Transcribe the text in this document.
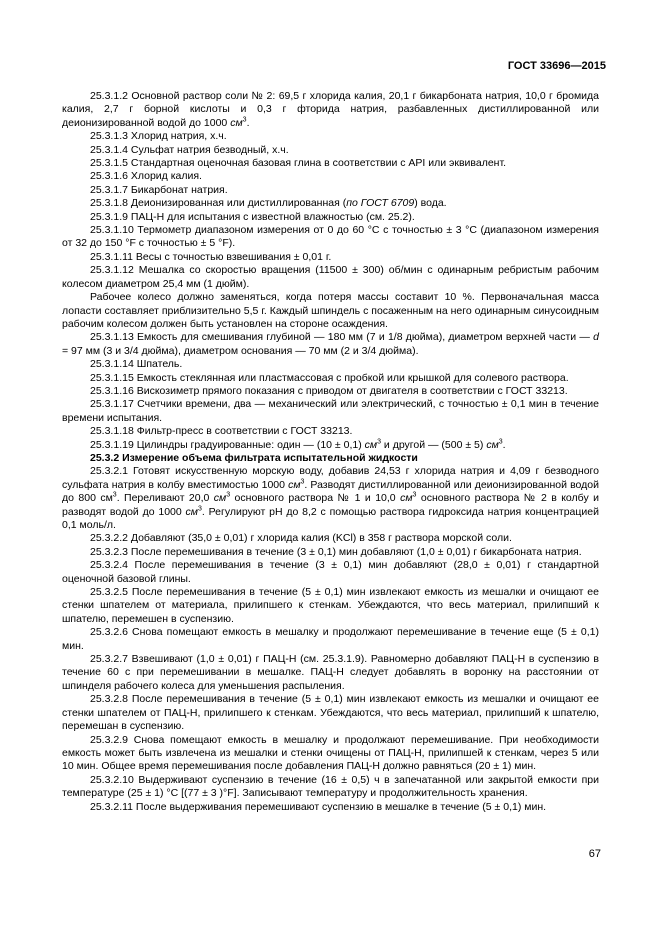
ГОСТ 33696—2015

25.3.1.2 Основной раствор соли № 2: 69,5 г хлорида калия, 20,1 г бикарбоната натрия, 10,0 г бромида калия, 2,7 г борной кислоты и 0,3 г фторида натрия, разбавленных дистиллированной или деионизированной водой до 1000 $см^3$.

25.3.1.3 Хлорид натрия, х.ч.

25.3.1.4 Сульфат натрия безводный, х.ч.

25.3.1.5 Стандартная оценочная базовая глина в соответствии с API или эквивалент.

25.3.1.6 Хлорид калия.

25.3.1.7 Бикарбонат натрия.

25.3.1.8 Деионизированная или дистиллированная (по ГОСТ 6709) вода.

25.3.1.9 ПАЦ-Н для испытания с известной влажностью (см. 25.2).

25.3.1.10 Термометр диапазоном измерения от 0 до 60 °С с точностью ± 3 °С (диапазоном измерения от 32 до 150 °F с точностью ± 5 °F).

25.3.1.11 Весы с точностью взвешивания ± 0,01 г.

25.3.1.12 Мешалка со скоростью вращения (11500 ± 300) об/мин с одинарным ребристым рабочим колесом диаметром 25,4 мм (1 дюйм).

Рабочее колесо должно заменяться, когда потеря массы составит 10 %. Первоначальная масса лопасти составляет приблизительно 5,5 г. Каждый шпиндель с посаженным на него одинарным синусоидным рабочим колесом должен быть установлен на стороне осаждения.

25.3.1.13 Емкость для смешивания глубиной — 180 мм (7 и 1/8 дюйма), диаметром верхней части — d = 97 мм (3 и 3/4 дюйма), диаметром основания — 70 мм (2 и 3/4 дюйма).

25.3.1.14 Шпатель.

25.3.1.15 Емкость стеклянная или пластмассовая с пробкой или крышкой для солевого раствора.

25.3.1.16 Вискозиметр прямого показания с приводом от двигателя в соответствии с ГОСТ 33213.

25.3.1.17 Счетчики времени, два — механический или электрический, с точностью ± 0,1 мин в течение времени испытания.

25.3.1.18 Фильтр-пресс в соответствии с ГОСТ 33213.

25.3.1.19 Цилиндры градуированные: один — (10 ± 0,1) $см^3$ и другой — (500 ± 5) $см^3$.

25.3.2 Измерение объема фильтрата испытательной жидкости

25.3.2.1 Готовят искусственную морскую воду, добавив 24,53 г хлорида натрия и 4,09 г безводного сульфата натрия в колбу вместимостью 1000 $см^3$. Разводят дистиллированной или деионизированной водой до 800 $см^3$. Переливают 20,0 $см^3$ основного раствора № 1 и 10,0 $см^3$ основного раствора № 2 в колбу и разводят водой до 1000 $см^3$. Регулируют рН до 8,2 с помощью раствора гидроксида натрия концентрацией 0,1 моль/л.

25.3.2.2 Добавляют (35,0 ± 0,01) г хлорида калия (KCl) в 358 г раствора морской соли.

25.3.2.3 После перемешивания в течение (3 ± 0,1) мин добавляют (1,0 ± 0,01) г бикарбоната натрия.

25.3.2.4 После перемешивания в течение (3 ± 0,1) мин добавляют (28,0 ± 0,01) г стандартной оценочной базовой глины.

25.3.2.5 После перемешивания в течение (5 ± 0,1) мин извлекают емкость из мешалки и очищают ее стенки шпателем от материала, прилипшего к стенкам. Убеждаются, что весь материал, прилипший к шпателю, перемешен в суспензию.

25.3.2.6 Снова помещают емкость в мешалку и продолжают перемешивание в течение еще (5 ± 0,1) мин.

25.3.2.7 Взвешивают (1,0 ± 0,01) г ПАЦ-Н (см. 25.3.1.9). Равномерно добавляют ПАЦ-Н в суспензию в течение 60 с при перемешивании в мешалке. ПАЦ-Н следует добавлять в воронку на расстоянии от шпинделя рабочего колеса для уменьшения распыления.

25.3.2.8 После перемешивания в течение (5 ± 0,1) мин извлекают емкость из мешалки и очищают ее стенки шпателем от ПАЦ-Н, прилипшего к стенкам. Убеждаются, что весь материал, прилипший к шпателю, перемешан в суспензию.

25.3.2.9 Снова помещают емкость в мешалку и продолжают перемешивание. При необходимости емкость может быть извлечена из мешалки и стенки очищены от ПАЦ-Н, прилипшей к стенкам, через 5 или 10 мин. Общее время перемешивания после добавления ПАЦ-Н должно равняться (20 ± 1) мин.

25.3.2.10 Выдерживают суспензию в течение (16 ± 0,5) ч в запечатанной или закрытой емкости при температуре (25 ± 1) °С [(77 ± 3 )°F]. Записывают температуру и продолжительность хранения.

25.3.2.11 После выдерживания перемешивают суспензию в мешалке в течение (5 ± 0,1) мин.

67
